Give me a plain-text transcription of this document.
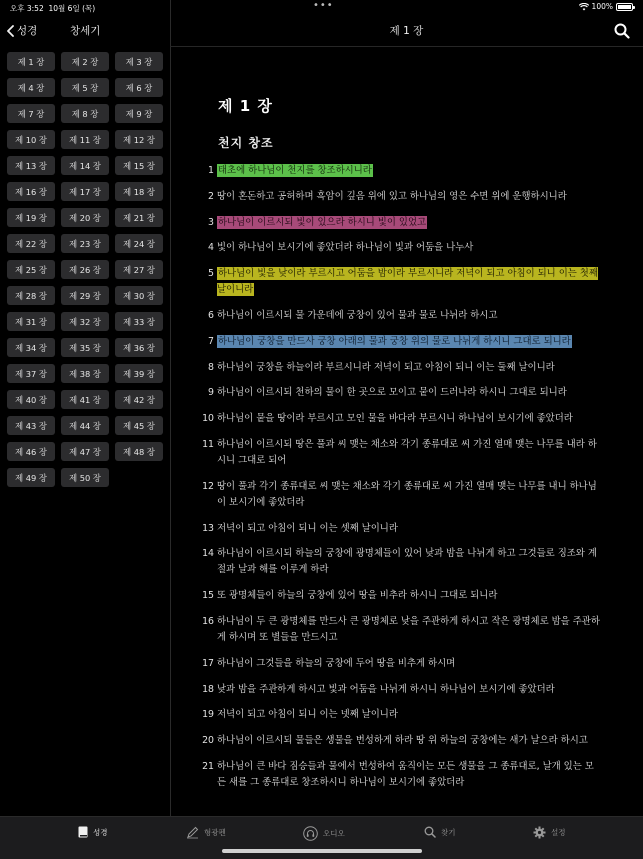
오후 3:52 10월 6일 (목)	•••	100%
성경	창세기	제 1 장
제 1 장	제 2 장	제 3 장
제 4 장	제 5 장	제 6 장
제 7 장	제 8 장	제 9 장
제 10 장	제 11 장	제 12 장
제 13 장	제 14 장	제 15 장
제 16 장	제 17 장	제 18 장
제 19 장	제 20 장	제 21 장
제 22 장	제 23 장	제 24 장
제 25 장	제 26 장	제 27 장
제 28 장	제 29 장	제 30 장
제 31 장	제 32 장	제 33 장
제 34 장	제 35 장	제 36 장
제 37 장	제 38 장	제 39 장
제 40 장	제 41 장	제 42 장
제 43 장	제 44 장	제 45 장
제 46 장	제 47 장	제 48 장
제 49 장	제 50 장
제 1 장
천지 창조
1 태초에 하나님이 천지를 창조하시니라
2 땅이 혼돈하고 공허하며 흑암이 깊음 위에 있고 하나님의 영은 수면 위에 운행하시니라
3 하나님이 이르시되 빛이 있으라 하시니 빛이 있었고
4 빛이 하나님이 보시기에 좋았더라 하나님이 빛과 어둠을 나누사
5 하나님이 빛을 낮이라 부르시고 어둠을 밤이라 부르시니라 저녁이 되고 아침이 되니 이는 첫째 날이니라
6 하나님이 이르시되 물 가운데에 궁창이 있어 물과 물로 나뉘라 하시고
7 하나님이 궁창을 만드사 궁창 아래의 물과 궁창 위의 물로 나뉘게 하시니 그대로 되니라
8 하나님이 궁창을 하늘이라 부르시니라 저녁이 되고 아침이 되니 이는 둘째 날이니라
9 하나님이 이르시되 천하의 물이 한 곳으로 모이고 뭍이 드러나라 하시니 그대로 되니라
10 하나님이 뭍을 땅이라 부르시고 모인 물을 바다라 부르시니 하나님이 보시기에 좋았더라
11 하나님이 이르시되 땅은 풀과 씨 맺는 채소와 각기 종류대로 씨 가진 열매 맺는 나무를 내라 하시니 그대로 되어
12 땅이 풀과 각기 종류대로 씨 맺는 채소와 각기 종류대로 씨 가진 열매 맺는 나무를 내니 하나님이 보시기에 좋았더라
13 저녁이 되고 아침이 되니 이는 셋째 날이니라
14 하나님이 이르시되 하늘의 궁창에 광명체들이 있어 낮과 밤을 나뉘게 하고 그것들로 징조와 계절과 날과 해를 이루게 하라
15 또 광명체들이 하늘의 궁창에 있어 땅을 비추라 하시니 그대로 되니라
16 하나님이 두 큰 광명체를 만드사 큰 광명체로 낮을 주관하게 하시고 작은 광명체로 밤을 주관하게 하시며 또 별들을 만드시고
17 하나님이 그것들을 하늘의 궁창에 두어 땅을 비추게 하시며
18 낮과 밤을 주관하게 하시고 빛과 어둠을 나뉘게 하시니 하나님이 보시기에 좋았더라
19 저녁이 되고 아침이 되니 이는 넷째 날이니라
20 하나님이 이르시되 물들은 생물을 번성하게 하라 땅 위 하늘의 궁창에는 새가 날으라 하시고
21 하나님이 큰 바다 짐승들과 물에서 번성하여 움직이는 모든 생물을 그 종류대로, 날개 있는 모든 새를 그 종류대로 창조하시니 하나님이 보시기에 좋았더라
성경	형광펜	오디오	찾기	설정
